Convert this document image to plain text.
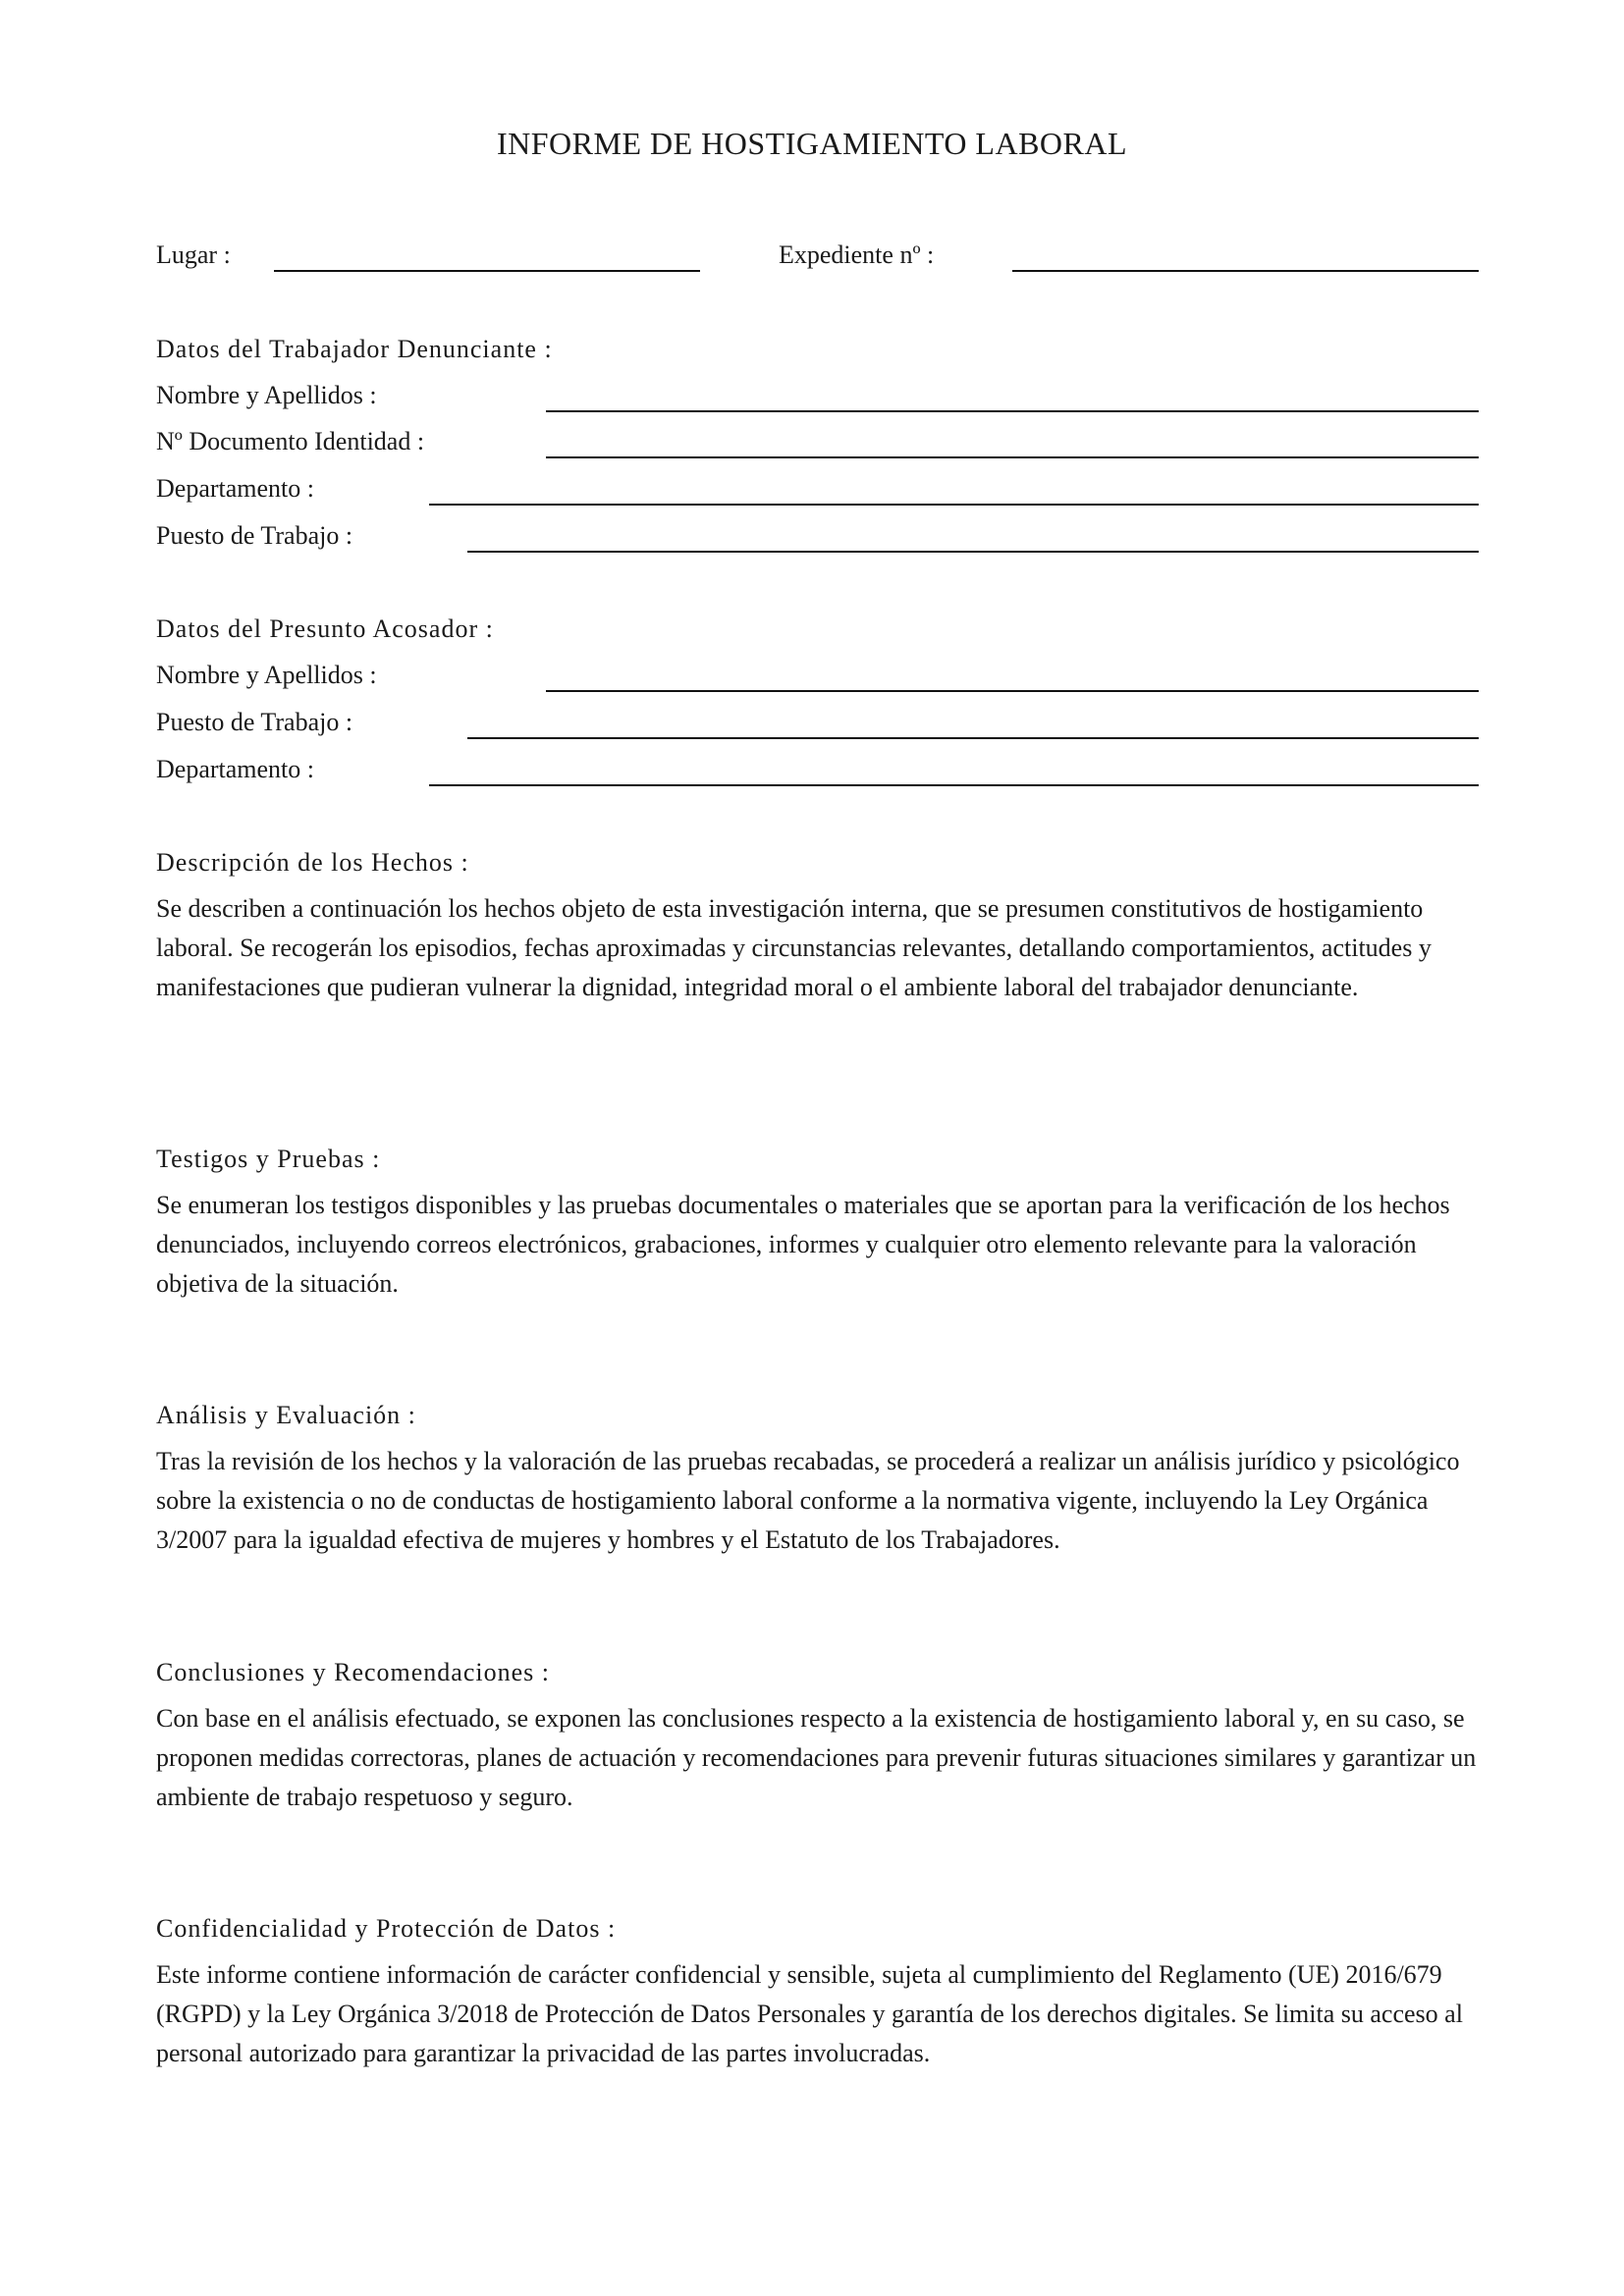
INFORME DE HOSTIGAMIENTO LABORAL
Lugar :	Expediente nº :
Datos del Trabajador Denunciante :
Nombre y Apellidos :
Nº Documento Identidad :
Departamento :
Puesto de Trabajo :
Datos del Presunto Acosador :
Nombre y Apellidos :
Puesto de Trabajo :
Departamento :
Descripción de los Hechos :
Se describen a continuación los hechos objeto de esta investigación interna, que se presumen constitutivos de hostigamiento laboral. Se recogerán los episodios, fechas aproximadas y circunstancias relevantes, detallando comportamientos, actitudes y manifestaciones que pudieran vulnerar la dignidad, integridad moral o el ambiente laboral del trabajador denunciante.
Testigos y Pruebas :
Se enumeran los testigos disponibles y las pruebas documentales o materiales que se aportan para la verificación de los hechos denunciados, incluyendo correos electrónicos, grabaciones, informes y cualquier otro elemento relevante para la valoración objetiva de la situación.
Análisis y Evaluación :
Tras la revisión de los hechos y la valoración de las pruebas recabadas, se procederá a realizar un análisis jurídico y psicológico sobre la existencia o no de conductas de hostigamiento laboral conforme a la normativa vigente, incluyendo la Ley Orgánica 3/2007 para la igualdad efectiva de mujeres y hombres y el Estatuto de los Trabajadores.
Conclusiones y Recomendaciones :
Con base en el análisis efectuado, se exponen las conclusiones respecto a la existencia de hostigamiento laboral y, en su caso, se proponen medidas correctoras, planes de actuación y recomendaciones para prevenir futuras situaciones similares y garantizar un ambiente de trabajo respetuoso y seguro.
Confidencialidad y Protección de Datos :
Este informe contiene información de carácter confidencial y sensible, sujeta al cumplimiento del Reglamento (UE) 2016/679 (RGPD) y la Ley Orgánica 3/2018 de Protección de Datos Personales y garantía de los derechos digitales. Se limita su acceso al personal autorizado para garantizar la privacidad de las partes involucradas.
